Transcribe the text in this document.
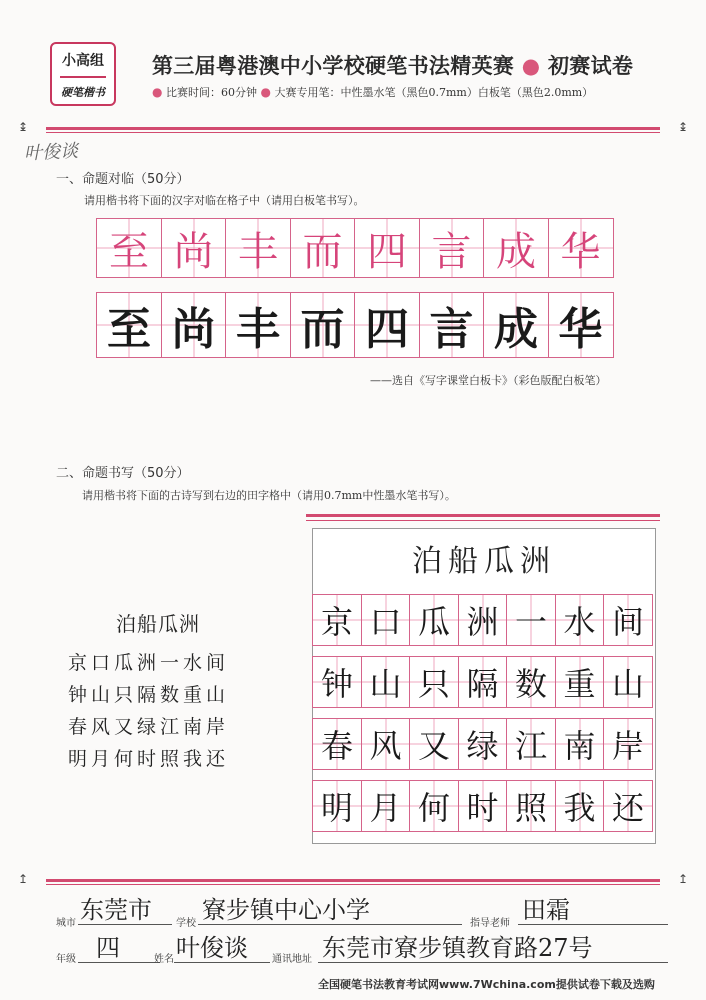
小高组
硬笔楷书
第三届粤港澳中小学校硬笔书法精英赛 ● 初赛试卷
● 比赛时间：60分钟 ● 大赛专用笔：中性墨水笔（黑色0.7mm）白板笔（黑色2.0mm）
↨	↨
叶俊谈
一、命题对临（50分）
请用楷书将下面的汉字对临在格子中（请用白板笔书写）。
至 尚 丰 而 四 言 成 华
至 尚 丰 而 四 言 成 华
——选自《写字课堂白板卡》（彩色版配白板笔）
二、命题书写（50分）
请用楷书将下面的古诗写到右边的田字格中（请用0.7mm中性墨水笔书写）。
泊船瓜洲
京口瓜洲一水间
钟山只隔数重山
春风又绿江南岸
明月何时照我还
泊船瓜洲
京 口 瓜 洲 一 水 间
钟 山 只 隔 数 重 山
春 风 又 绿 江 南 岸
明 月 何 时 照 我 还
↥	↥
城市 东莞市 学校 寮步镇中心小学	指导老师 田霜
年级 四	姓名 叶俊谈 通讯地址 东莞市寮步镇教育路27号
全国硬笔书法教育考试网www.7Wchina.com提供试卷下载及选购
